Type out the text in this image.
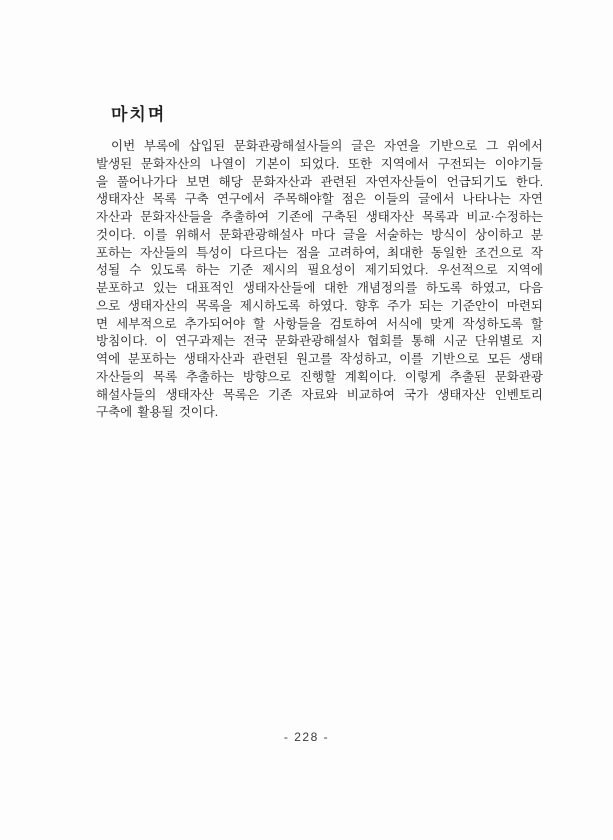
마치며
이번 부록에 삽입된 문화관광해설사들의 글은 자연을 기반으로 그 위에서
발생된 문화자산의 나열이 기본이 되었다. 또한 지역에서 구전되는 이야기들
을 풀어나가다 보면 해당 문화자산과 관련된 자연자산들이 언급되기도 한다.
생태자산 목록 구축 연구에서 주목해야할 점은 이들의 글에서 나타나는 자연
자산과 문화자산들을 추출하여 기존에 구축된 생태자산 목록과 비교·수정하는
것이다. 이를 위해서 문화관광해설사 마다 글을 서술하는 방식이 상이하고 분
포하는 자산들의 특성이 다르다는 점을 고려하여, 최대한 동일한 조건으로 작
성될 수 있도록 하는 기준 제시의 필요성이 제기되었다. 우선적으로 지역에
분포하고 있는 대표적인 생태자산들에 대한 개념정의를 하도록 하였고, 다음
으로 생태자산의 목록을 제시하도록 하였다. 향후 주가 되는 기준안이 마련되
면 세부적으로 추가되어야 할 사항들을 검토하여 서식에 맞게 작성하도록 할
방침이다. 이 연구과제는 전국 문화관광해설사 협회를 통해 시군 단위별로 지
역에 분포하는 생태자산과 관련된 원고를 작성하고, 이를 기반으로 모든 생태
자산들의 목록 추출하는 방향으로 진행할 계획이다. 이렇게 추출된 문화관광
해설사들의 생태자산 목록은 기존 자료와 비교하여 국가 생태자산 인벤토리
구축에 활용될 것이다.
- 228 -
